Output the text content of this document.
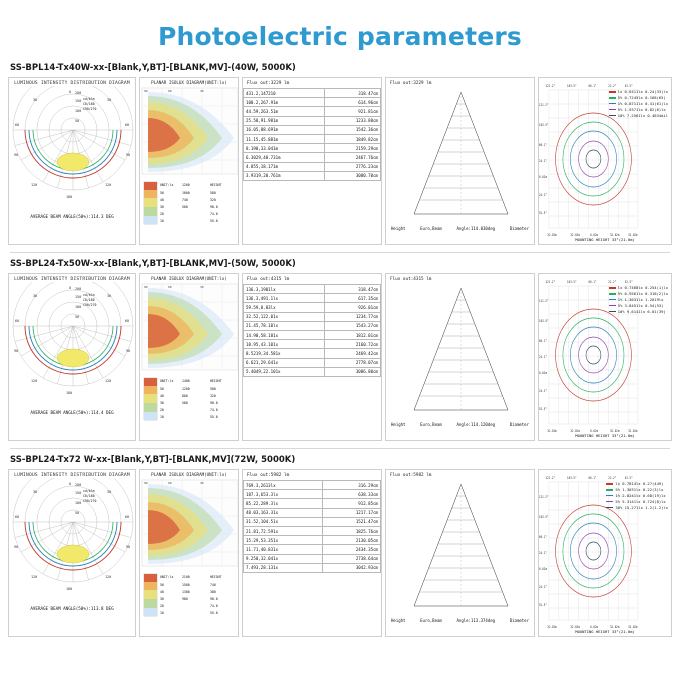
Photoelectric parameters
SS-BPL14-Tx40W-xx-[Blank,Y,BT]-[BLANK,MV]-(40W, 5000K)
LUMINOUS INTENSITY DISTRIBUTION DIAGRAM
0
30
30
60
60
90
90
120
120
180
50
100
150
200
cd/klm
C0/180
C90/270
AVERAGE BEAM ANGLE(50%):114.3 DEG
PLANAR ISOLUX DIAGRAM(UNIT:lx)
90	60	30
UNIT:lx
50
40
30
20
10
1200
1000
740
500
HEIGHT
580
320
98.0
74.0
55.0
Flux out:3229 lm
431.2,147210	318.47cm
100.2,267.91m	614.96cm
44.59,263.51m	921.81cm
25.58,91.981m	1233.88cm
16.05,88.691m	1542.36cm
11.15,45.881m	1849.82cm
8.190,33.041m	2159.29cm
6.3029,40.731m	2467.76cm
4.855,18.171m	2776.23cm
3.9319,20.761m	3080.70cm
Flux out:3229 lm
Height	Euro,Beam	Angle:114.030deg	Diameter
121.2°	103.5°	66.1°	22.2°	52.5°
121.2°
103.5°
66.1°
24.2°
0.02m
24.2°
52.5°
32.02m	32.02m	0.02m	32.02m	32.02m
lx 0.6411lx 0.24(33)lx
5% 0.7245lx 0.168(65)
1% 0.8711lx 0.41(61)lx
5% 1.9371lx 0.82(6)lx
10% 7.2561lx 0.4834dil
MOUNTING HEIGHT 33°(21.0m)
SS-BPL24-Tx50W-xx-[Blank,Y,BT]-[BLANK,MV]-(50W, 5000K)
LUMINOUS INTENSITY DISTRIBUTION DIAGRAM
0
30
30
60
60
90
90
120
120
180
50
100
150
200
cd/klm
C0/180
C90/270
AVERAGE BEAM ANGLE(50%):114.4 DEG
PLANAR ISOLUX DIAGRAM(UNIT:lx)
90	60	30
UNIT:lx
50
40
30
20
10
1400
1200
800
580
HEIGHT
580
320
98.0
74.0
55.0
Flux out:4315 lm
136.3,1901lx	318.47cm
136.3,491.1lx	617.35cm
59.59,0.03lx	926.01cm
32.52,122.01x	1234.77cm
21.45,78.10lx	1543.27cm
14.90,58.181x	1812.01cm
10.95,43.101x	2160.72cm
8.5219,34.581x	2469.42cm
6.621,29.641x	2778.07cm
5.4049,22.101x	3086.80cm
Flux out:4315 lm
Height	Euro,Beam	Angle:114.120deg	Diameter
121.2°	103.5°	66.1°	22.2°	52.5°
121.2°
103.5°
66.1°
24.2°
0.02m
24.2°
52.5°
32.02m	32.02m	0.02m	32.02m	32.02m
lx 0.7460lx 0.254(1)lx
5% 0.9561lx 0.318(2)lx
1% 1.3631lx 1.2019lx
5% 3.8451lx 0.54(53)
10% 9.6141lx 6.01(39)
MOUNTING HEIGHT 33°(21.0m)
SS-BPL24-Tx72 W-xx-[Blank,Y,BT]-[BLANK,MV](72W, 5000K)
LUMINOUS INTENSITY DISTRIBUTION DIAGRAM
0
30
30
60
60
90
90
120
120
180
50
100
150
200
cd/klm
C0/180
C90/270
AVERAGE BEAM ANGLE(50%):113.8 DEG
PLANAR ISOLUX DIAGRAM(UNIT:lx)
90	60	30
UNIT:lx
50
40
30
20
10
2100
1500
1300
980
HEIGHT
740
380
98.0
74.0
55.0
Flux out:5982 lm
769.3,2613lx	316.29cm
187.3,653.3lx	638.33cm
85.22,289.3lx	912.85cm
48.03,163.31x	1217.17cm
31.52,104.51x	1521.47cm
21.81,72.591x	1825.76cm
15.29,53.351x	2130.05cm
11.71,40.831x	2434.35cm
9.250,32.041x	2738.64cm
7.493,28.131x	3042.93cm
Flux out:5982 lm
Height	Euro,Beam	Angle:113.374deg	Diameter
121.2°	103.5°	66.1°	22.2°	52.5°
121.2°
103.5°
66.1°
24.2°
0.02m
24.2°
52.5°
32.02m	32.02m	0.02m	32.02m	32.02m
lx 0.7814lx 0.27(449)
5% 1.3031lx 0.22(3)lx
1% 2.0241lx 0.68(19)lx
5% 5.3141lx 0.724(8)lx
30% 15.271lx 1.2(1.2)lx
MOUNTING HEIGHT 33°(21.0m)
